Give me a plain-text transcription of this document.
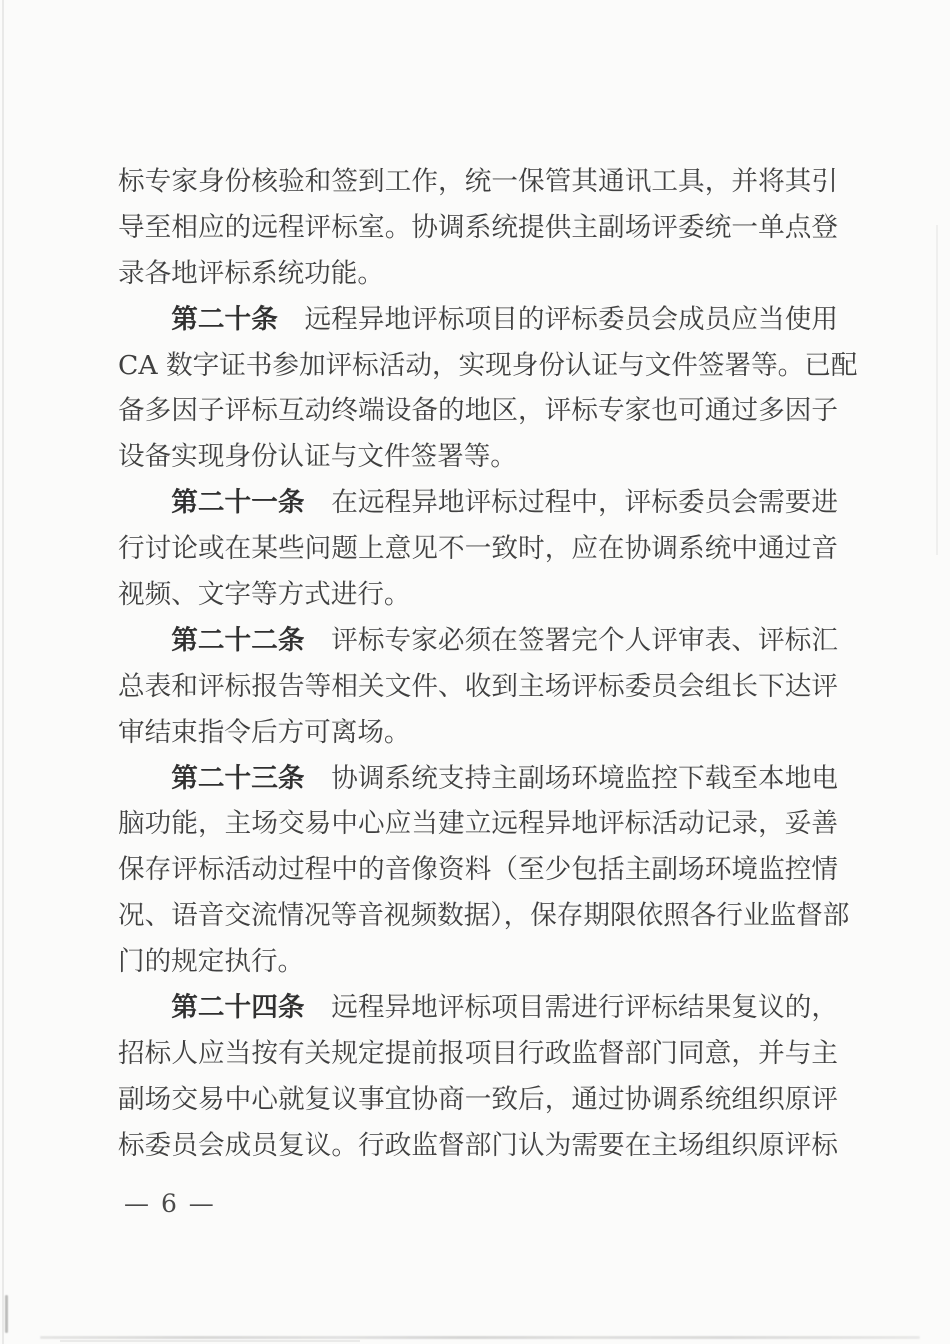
标专家身份核验和签到工作，统一保管其通讯工具，并将其引
导至相应的远程评标室。协调系统提供主副场评委统一单点登
录各地评标系统功能。
第二十条 远程异地评标项目的评标委员会成员应当使用
CA 数字证书参加评标活动，实现身份认证与文件签署等。已配
备多因子评标互动终端设备的地区，评标专家也可通过多因子
设备实现身份认证与文件签署等。
第二十一条 在远程异地评标过程中，评标委员会需要进
行讨论或在某些问题上意见不一致时，应在协调系统中通过音
视频、文字等方式进行。
第二十二条 评标专家必须在签署完个人评审表、评标汇
总表和评标报告等相关文件、收到主场评标委员会组长下达评
审结束指令后方可离场。
第二十三条 协调系统支持主副场环境监控下载至本地电
脑功能，主场交易中心应当建立远程异地评标活动记录，妥善
保存评标活动过程中的音像资料（至少包括主副场环境监控情
况、语音交流情况等音视频数据），保存期限依照各行业监督部
门的规定执行。
第二十四条 远程异地评标项目需进行评标结果复议的，
招标人应当按有关规定提前报项目行政监督部门同意，并与主
副场交易中心就复议事宜协商一致后，通过协调系统组织原评
标委员会成员复议。行政监督部门认为需要在主场组织原评标
— 6 —
